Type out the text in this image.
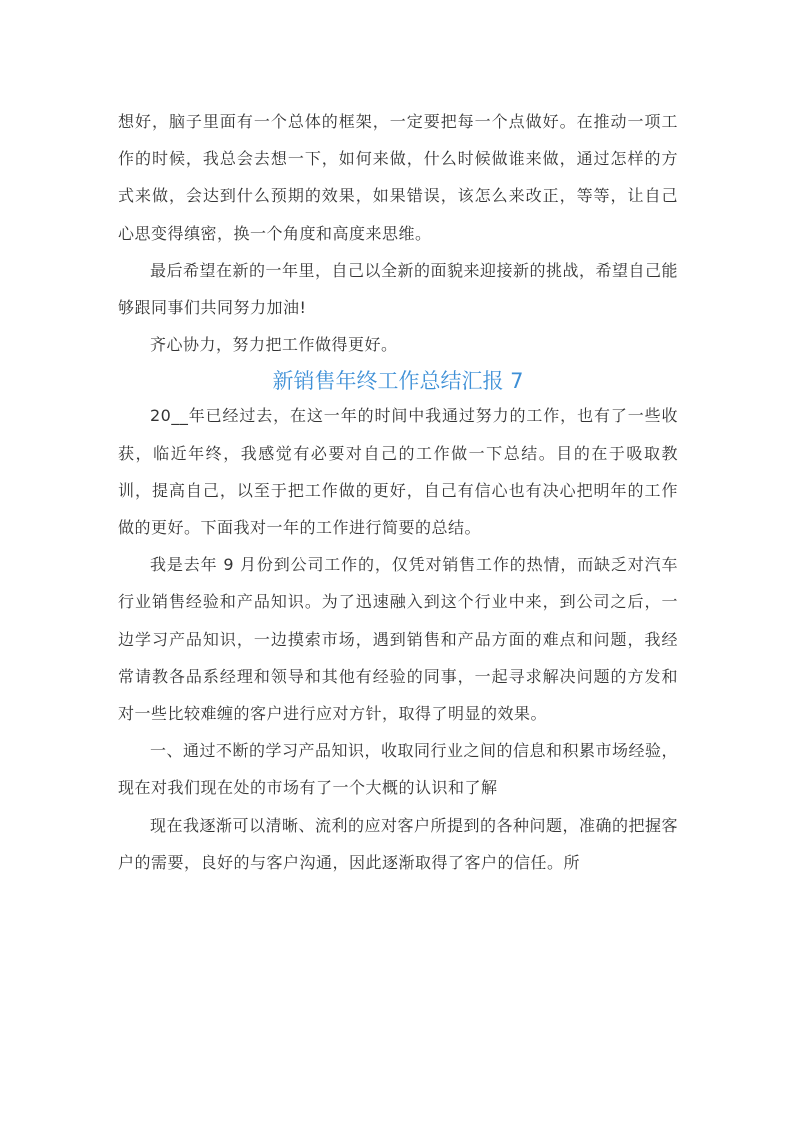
想好，脑子里面有一个总体的框架，一定要把每一个点做好。在推动一项工作的时候，我总会去想一下，如何来做，什么时候做谁来做，通过怎样的方式来做，会达到什么预期的效果，如果错误，该怎么来改正，等等，让自己心思变得缜密，换一个角度和高度来思维。

最后希望在新的一年里，自己以全新的面貌来迎接新的挑战，希望自己能够跟同事们共同努力加油!

齐心协力，努力把工作做得更好。

新销售年终工作总结汇报 7

20__年已经过去，在这一年的时间中我通过努力的工作，也有了一些收获，临近年终，我感觉有必要对自己的工作做一下总结。目的在于吸取教训，提高自己，以至于把工作做的更好，自己有信心也有决心把明年的工作做的更好。下面我对一年的工作进行简要的总结。

我是去年 9 月份到公司工作的，仅凭对销售工作的热情，而缺乏对汽车行业销售经验和产品知识。为了迅速融入到这个行业中来，到公司之后，一边学习产品知识，一边摸索市场，遇到销售和产品方面的难点和问题，我经常请教各品系经理和领导和其他有经验的同事，一起寻求解决问题的方发和对一些比较难缠的客户进行应对方针，取得了明显的效果。

一、通过不断的学习产品知识，收取同行业之间的信息和积累市场经验，现在对我们现在处的市场有了一个大概的认识和了解

现在我逐渐可以清晰、流利的应对客户所提到的各种问题，准确的把握客户的需要，良好的与客户沟通，因此逐渐取得了客户的信任。所
